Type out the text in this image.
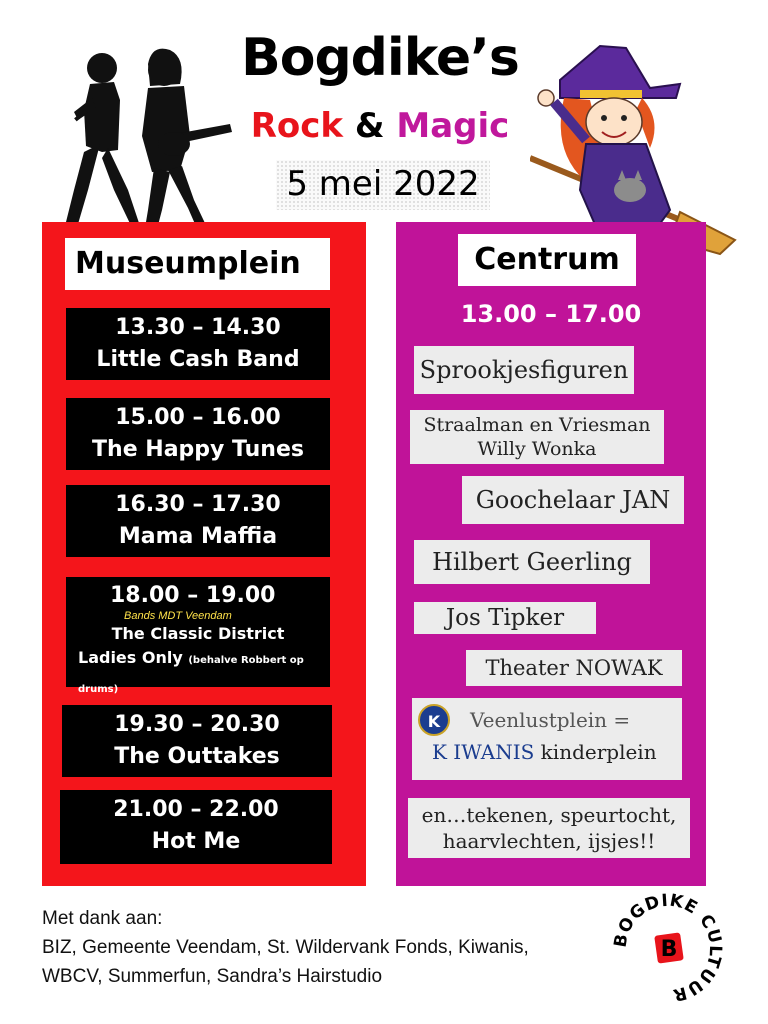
Bogdike’s
Rock & Magic
5 mei 2022
Museumplein
13.30 – 14.30
Little Cash Band
15.00 – 16.00
The Happy Tunes
16.30 – 17.30
Mama Maffia
18.00 – 19.00
Bands MDT Veendam
The Classic District
Ladies Only (behalve Robbert op drums)
19.30 – 20.30
The Outtakes
21.00 – 22.00
Hot Me
Centrum
13.00 – 17.00
Sprookjesfiguren
Straalman en Vriesman
Willy Wonka
Goochelaar JAN
Hilbert Geerling
Jos Tipker
Theater NOWAK
K	Veenlustplein =
K IWANIS kinderplein
en…tekenen, speurtocht,
haarvlechten, ijsjes!!
Met dank aan:
BIZ, Gemeente Veendam, St. Wildervank Fonds, Kiwanis,
WBCV, Summerfun, Sandra’s Hairstudio
BOGDIKE CULTUUR
B
